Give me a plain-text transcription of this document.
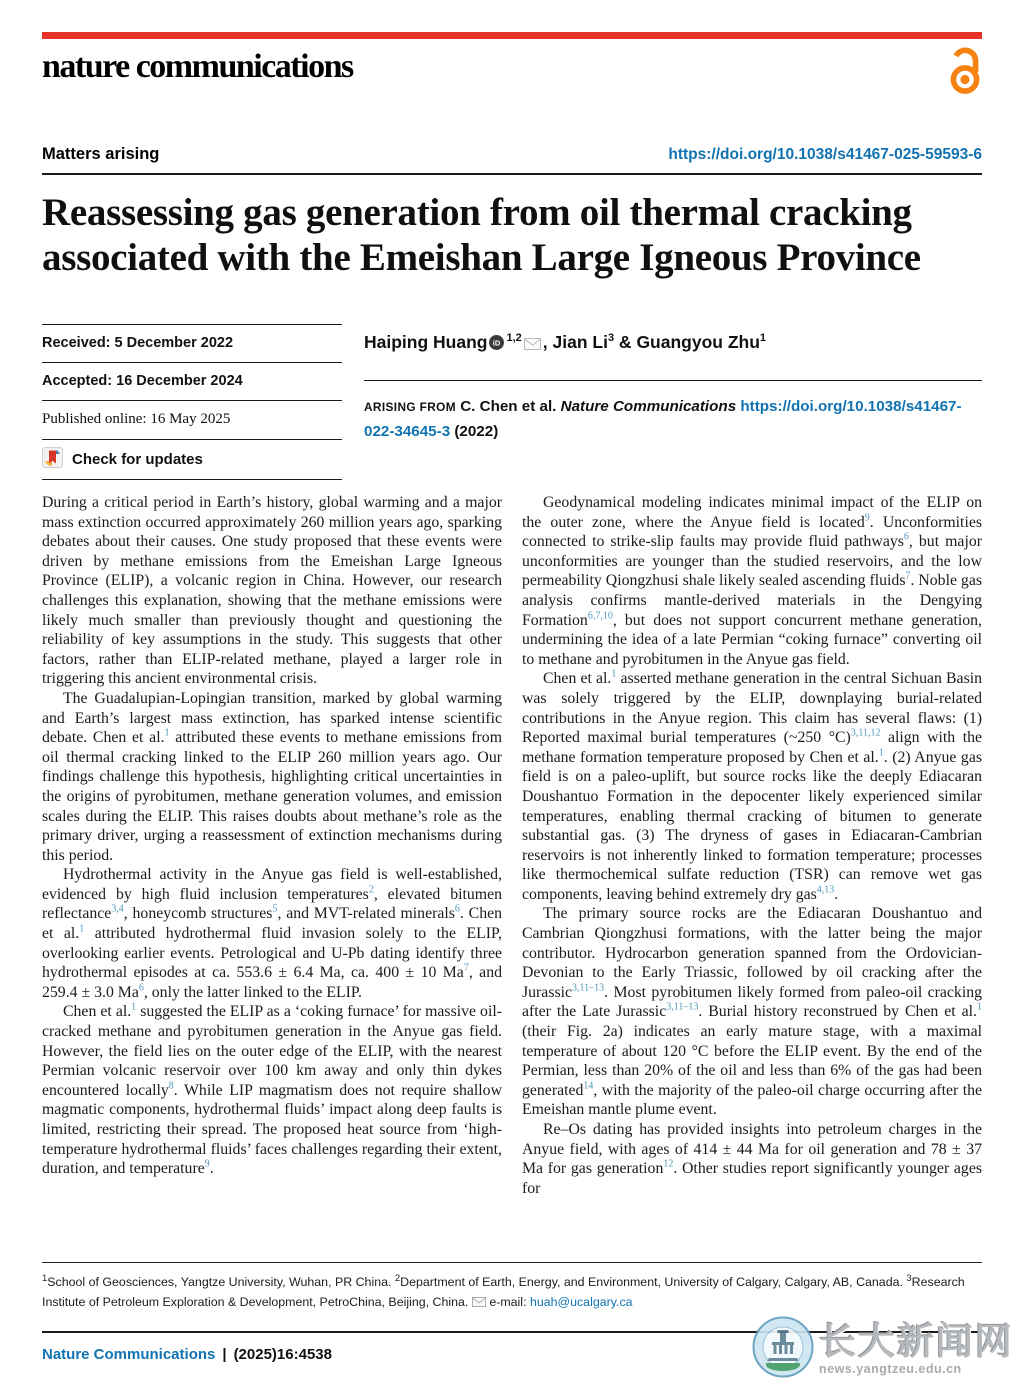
nature communications
Matters arising	https://doi.org/10.1038/s41467-025-59593-6
Reassessing gas generation from oil thermal cracking associated with the Emeishan Large Igneous Province
Received: 5 December 2022
Accepted: 16 December 2024
Published online: 16 May 2025
Check for updates
Haiping Huang iD $^{1,2}$ , Jian Li$^3$ & Guangyou Zhu$^1$
ARISING FROM C. Chen et al. Nature Communications https://doi.org/10.1038/s41467-022-34645-3 (2022)

During a critical period in Earth’s history, global warming and a major mass extinction occurred approximately 260 million years ago, sparking debates about their causes. One study proposed that these events were driven by methane emissions from the Emeishan Large Igneous Province (ELIP), a volcanic region in China. However, our research challenges this explanation, showing that the methane emissions were likely much smaller than previously thought and questioning the reliability of key assumptions in the study. This suggests that other factors, rather than ELIP-related methane, played a larger role in triggering this ancient environmental crisis.

The Guadalupian-Lopingian transition, marked by global warming and Earth’s largest mass extinction, has sparked intense scientific debate. Chen et al.$^1$ attributed these events to methane emissions from oil thermal cracking linked to the ELIP 260 million years ago. Our findings challenge this hypothesis, highlighting critical uncertainties in the origins of pyrobitumen, methane generation volumes, and emission scales during the ELIP. This raises doubts about methane’s role as the primary driver, urging a reassessment of extinction mechanisms during this period.

Hydrothermal activity in the Anyue gas field is well-established, evidenced by high fluid inclusion temperatures$^2$, elevated bitumen reflectance$^{3,4}$, honeycomb structures$^5$, and MVT-related minerals$^6$. Chen et al.$^1$ attributed hydrothermal fluid invasion solely to the ELIP, overlooking earlier events. Petrological and U-Pb dating identify three hydrothermal episodes at ca. 553.6 ± 6.4 Ma, ca. 400 ± 10 Ma$^7$, and 259.4 ± 3.0 Ma$^6$, only the latter linked to the ELIP.

Chen et al.$^1$ suggested the ELIP as a ‘coking furnace’ for massive oil-cracked methane and pyrobitumen generation in the Anyue gas field. However, the field lies on the outer edge of the ELIP, with the nearest Permian volcanic reservoir over 100 km away and only thin dykes encountered locally$^8$. While LIP magmatism does not require shallow magmatic components, hydrothermal fluids’ impact along deep faults is limited, restricting their spread. The proposed heat source from ‘high-temperature hydrothermal fluids’ faces challenges regarding their extent, duration, and temperature$^9$.

Geodynamical modeling indicates minimal impact of the ELIP on the outer zone, where the Anyue field is located$^9$. Unconformities connected to strike-slip faults may provide fluid pathways$^6$, but major unconformities are younger than the studied reservoirs, and the low permeability Qiongzhusi shale likely sealed ascending fluids$^7$. Noble gas analysis confirms mantle-derived materials in the Dengying Formation$^{6,7,10}$, but does not support concurrent methane generation, undermining the idea of a late Permian “coking furnace” converting oil to methane and pyrobitumen in the Anyue gas field.

Chen et al.$^1$ asserted methane generation in the central Sichuan Basin was solely triggered by the ELIP, downplaying burial-related contributions in the Anyue region. This claim has several flaws: (1) Reported maximal burial temperatures (~250 °C)$^{3,11,12}$ align with the methane formation temperature proposed by Chen et al.$^1$. (2) Anyue gas field is on a paleo-uplift, but source rocks like the deeply Ediacaran Doushantuo Formation in the depocenter likely experienced similar temperatures, enabling thermal cracking of bitumen to generate substantial gas. (3) The dryness of gases in Ediacaran-Cambrian reservoirs is not inherently linked to formation temperature; processes like thermochemical sulfate reduction (TSR) can remove wet gas components, leaving behind extremely dry gas$^{4,13}$.

The primary source rocks are the Ediacaran Doushantuo and Cambrian Qiongzhusi formations, with the latter being the major contributor. Hydrocarbon generation spanned from the Ordovician-Devonian to the Early Triassic, followed by oil cracking after the Jurassic$^{3,11-13}$. Most pyrobitumen likely formed from paleo-oil cracking after the Late Jurassic$^{3,11-13}$. Burial history reconstrued by Chen et al.$^1$ (their Fig. 2a) indicates an early mature stage, with a maximal temperature of about 120 °C before the ELIP event. By the end of the Permian, less than 20% of the oil and less than 6% of the gas had been generated$^{14}$, with the majority of the paleo-oil charge occurring after the Emeishan mantle plume event.

Re–Os dating has provided insights into petroleum charges in the Anyue field, with ages of 414 ± 44 Ma for oil generation and 78 ± 37 Ma for gas generation$^{12}$. Other studies report significantly younger ages for

$^1$School of Geosciences, Yangtze University, Wuhan, PR China. $^2$Department of Earth, Energy, and Environment, University of Calgary, Calgary, AB, Canada. $^3$Research Institute of Petroleum Exploration & Development, PetroChina, Beijing, China. e-mail: huah@ucalgary.ca
Nature Communications | (2025)16:4538	长大新闻网
news.yangtzeu.edu.cn
